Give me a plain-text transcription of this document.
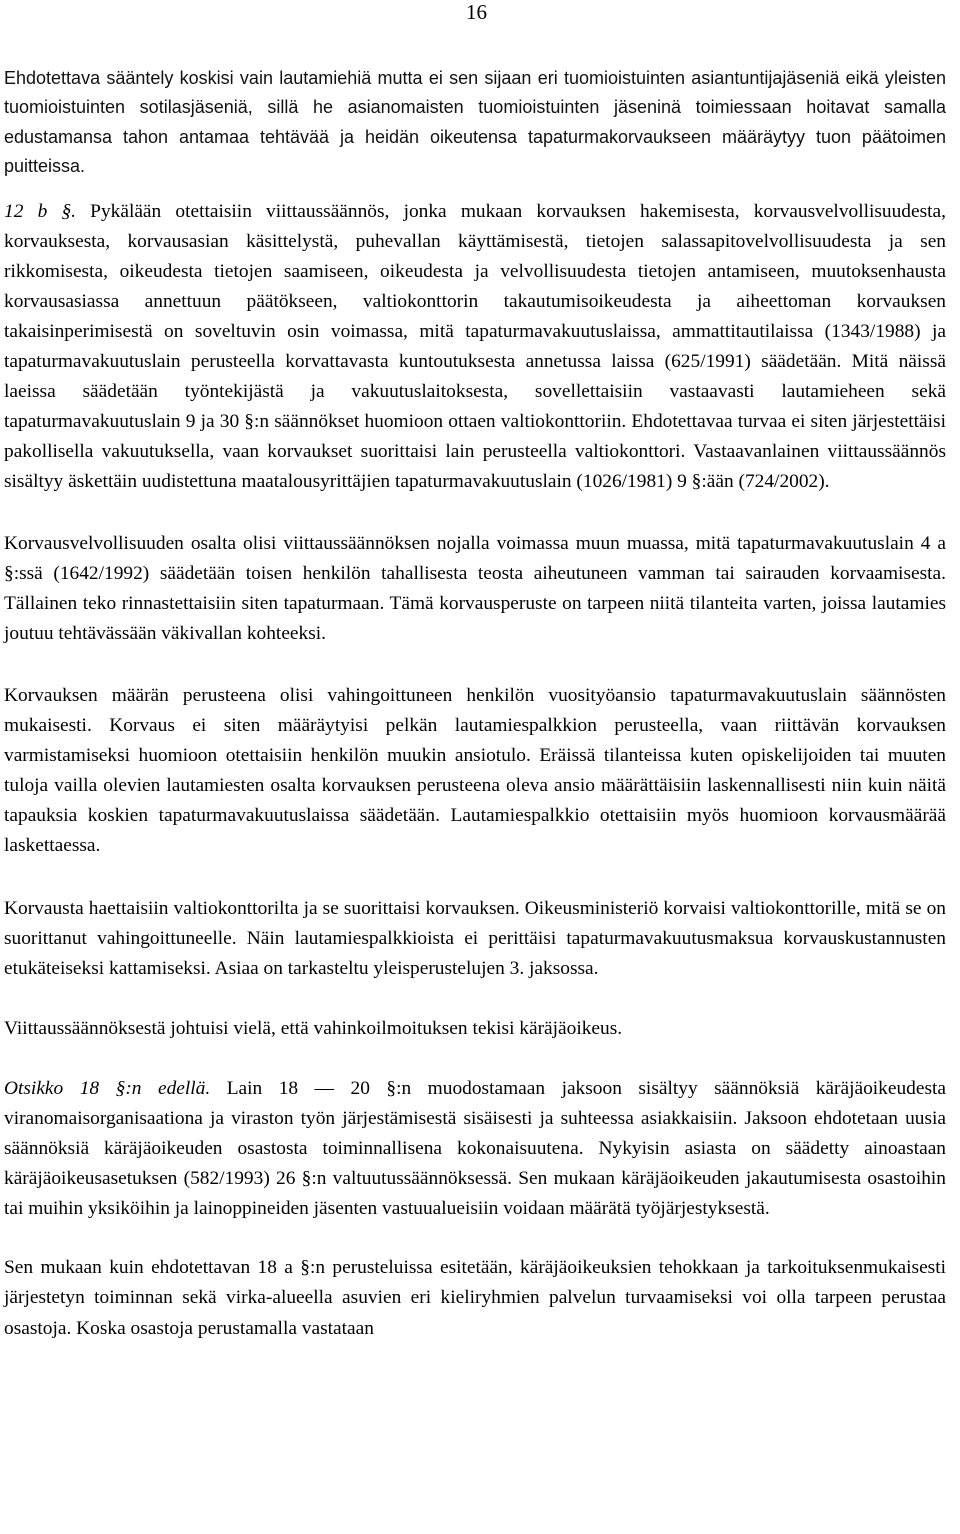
16

Ehdotettava sääntely koskisi vain lautamiehiä mutta ei sen sijaan eri tuomioistuinten asiantuntijajäseniä eikä yleisten tuomioistuinten sotilasjäseniä, sillä he asianomaisten tuomioistuinten jäseninä toimiessaan hoitavat samalla edustamansa tahon antamaa tehtävää ja heidän oikeutensa tapaturmakorvaukseen määräytyy tuon päätoimen puitteissa.

12 b §. Pykälään otettaisiin viittaussäännös, jonka mukaan korvauksen hakemisesta, korvausvelvollisuudesta, korvauksesta, korvausasian käsittelystä, puhevallan käyttämisestä, tietojen salassapitovelvollisuudesta ja sen rikkomisesta, oikeudesta tietojen saamiseen, oikeudesta ja velvollisuudesta tietojen antamiseen, muutoksenhausta korvausasiassa annettuun päätökseen, valtiokonttorin takautumisoikeudesta ja aiheettoman korvauksen takaisinperimisestä on soveltuvin osin voimassa, mitä tapaturmavakuutuslaissa, ammattitautilaissa (1343/1988) ja tapaturmavakuutuslain perusteella korvattavasta kuntoutuksesta annetussa laissa (625/1991) säädetään. Mitä näissä laeissa säädetään työntekijästä ja vakuutuslaitoksesta, sovellettaisiin vastaavasti lautamieheen sekä tapaturmavakuutuslain 9 ja 30 §:n säännökset huomioon ottaen valtiokonttoriin. Ehdotettavaa turvaa ei siten järjestettäisi pakollisella vakuutuksella, vaan korvaukset suorittaisi lain perusteella valtiokonttori. Vastaavanlainen viittaussäännös sisältyy äskettäin uudistettuna maatalousyrittäjien tapaturmavakuutuslain (1026/1981) 9 §:ään (724/2002).

Korvausvelvollisuuden osalta olisi viittaussäännöksen nojalla voimassa muun muassa, mitä tapaturmavakuutuslain 4 a §:ssä (1642/1992) säädetään toisen henkilön tahallisesta teosta aiheutuneen vamman tai sairauden korvaamisesta. Tällainen teko rinnastettaisiin siten tapaturmaan. Tämä korvausperuste on tarpeen niitä tilanteita varten, joissa lautamies joutuu tehtävässään väkivallan kohteeksi.

Korvauksen määrän perusteena olisi vahingoittuneen henkilön vuosityöansio tapaturmavakuutuslain säännösten mukaisesti. Korvaus ei siten määräytyisi pelkän lautamiespalkkion perusteella, vaan riittävän korvauksen varmistamiseksi huomioon otettaisiin henkilön muukin ansiotulo. Eräissä tilanteissa kuten opiskelijoiden tai muuten tuloja vailla olevien lautamiesten osalta korvauksen perusteena oleva ansio määrättäisiin laskennallisesti niin kuin näitä tapauksia koskien tapaturmavakuutuslaissa säädetään. Lautamiespalkkio otettaisiin myös huomioon korvausmäärää laskettaessa.

Korvausta haettaisiin valtiokonttorilta ja se suorittaisi korvauksen. Oikeusministeriö korvaisi valtiokonttorille, mitä se on suorittanut vahingoittuneelle. Näin lautamiespalkkioista ei perittäisi tapaturmavakuutusmaksua korvauskustannusten etukäteiseksi kattamiseksi. Asiaa on tarkasteltu yleisperustelujen 3. jaksossa.

Viittaussäännöksestä johtuisi vielä, että vahinkoilmoituksen tekisi käräjäoikeus.

Otsikko 18 §:n edellä. Lain 18 — 20 §:n muodostamaan jaksoon sisältyy säännöksiä käräjäoikeudesta viranomaisorganisaationa ja viraston työn järjestämisestä sisäisesti ja suhteessa asiakkaisiin. Jaksoon ehdotetaan uusia säännöksiä käräjäoikeuden osastosta toiminnallisena kokonaisuutena. Nykyisin asiasta on säädetty ainoastaan käräjäoikeusasetuksen (582/1993) 26 §:n valtuutussäännöksessä. Sen mukaan käräjäoikeuden jakautumisesta osastoihin tai muihin yksiköihin ja lainoppineiden jäsenten vastuualueisiin voidaan määrätä työjärjestyksestä.

Sen mukaan kuin ehdotettavan 18 a §:n perusteluissa esitetään, käräjäoikeuksien tehokkaan ja tarkoituksenmukaisesti järjestetyn toiminnan sekä virka-alueella asuvien eri kieliryhmien palvelun turvaamiseksi voi olla tarpeen perustaa osastoja. Koska osastoja perustamalla vastataan
